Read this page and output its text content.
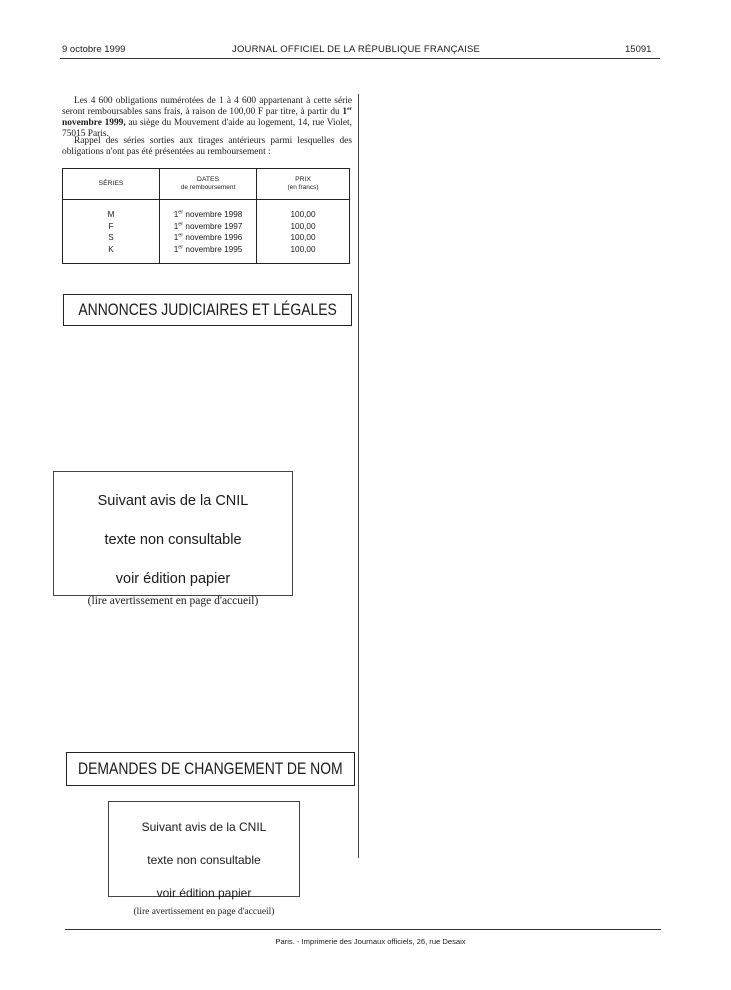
9 octobre 1999	JOURNAL OFFICIEL DE LA RÉPUBLIQUE FRANÇAISE	15091
Les 4 600 obligations numérotées de 1 à 4 600 appartenant à cette série seront remboursables sans frais, à raison de 100,00 F par titre, à partir du 1er novembre 1999, au siège du Mouvement d'aide au logement, 14, rue Violet, 75015 Paris.
Rappel des séries sorties aux tirages antérieurs parmi lesquelles des obligations n'ont pas été présentées au remboursement :
SÉRIES
DATES
de remboursement
PRIX
(en francs)
M
F
S
K
1er novembre 1998
1er novembre 1997
1er novembre 1996
1er novembre 1995
100,00
100,00
100,00
100,00
ANNONCES JUDICIAIRES ET LÉGALES
Suivant avis de la CNIL
texte non consultable
voir édition papier
(lire avertissement en page d'accueil)
DEMANDES DE CHANGEMENT DE NOM
Suivant avis de la CNIL
texte non consultable
voir édition papier
(lire avertissement en page d'accueil)
Paris. - Imprimerie des Journaux officiels, 26, rue Desaix
